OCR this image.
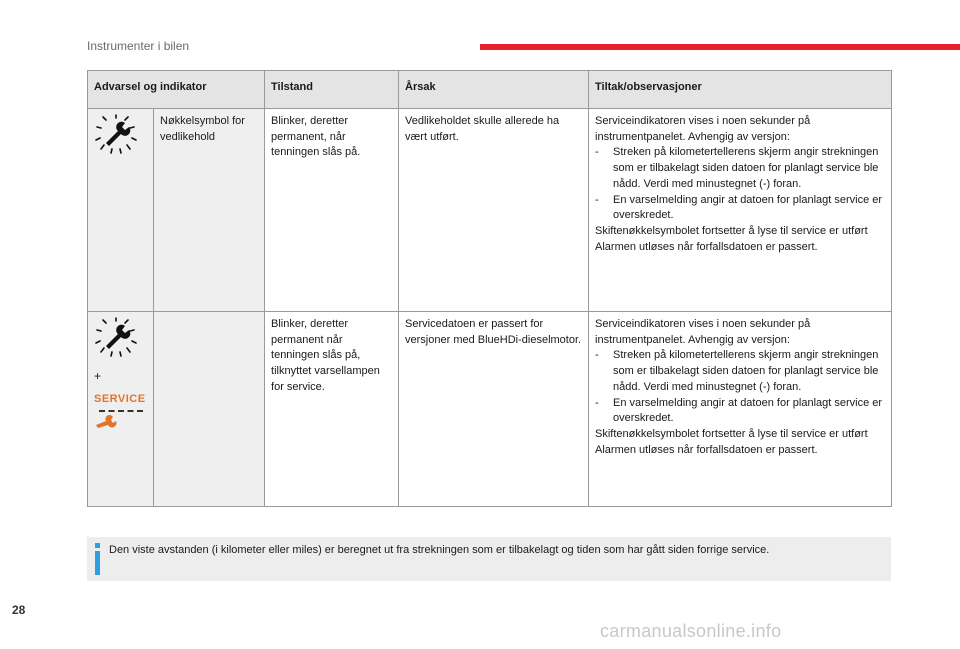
Instrumenter i bilen
Advarsel og indikator		Tilstand	Årsak	Tiltak/observasjoner
	Nøkkelsymbol for vedlikehold	Blinker, deretter permanent, når tenningen slås på.	Vedlikeholdet skulle allerede ha vært utført.	Serviceindikatoren vises i noen sekunder på instrumentpanelet. Avhengig av versjon:
- Streken på kilometertellerens skjerm angir strekningen som er tilbakelagt siden datoen for planlagt service ble nådd. Verdi med minustegnet (-) foran.
- En varselmelding angir at datoen for planlagt service er overskredet.
Skiftenøkkelsymbolet fortsetter å lyse til service er utført
Alarmen utløses når forfallsdatoen er passert.

+
SERVICE		Blinker, deretter permanent når tenningen slås på, tilknyttet varsellampen for service.	Servicedatoen er passert for versjoner med BlueHDi-dieselmotor.	Serviceindikatoren vises i noen sekunder på instrumentpanelet. Avhengig av versjon:
- Streken på kilometertellerens skjerm angir strekningen som er tilbakelagt siden datoen for planlagt service ble nådd. Verdi med minustegnet (-) foran.
- En varselmelding angir at datoen for planlagt service er overskredet.
Skiftenøkkelsymbolet fortsetter å lyse til service er utført
Alarmen utløses når forfallsdatoen er passert.
Den viste avstanden (i kilometer eller miles) er beregnet ut fra strekningen som er tilbakelagt og tiden som har gått siden forrige service.
28
carmanualsonline.info
